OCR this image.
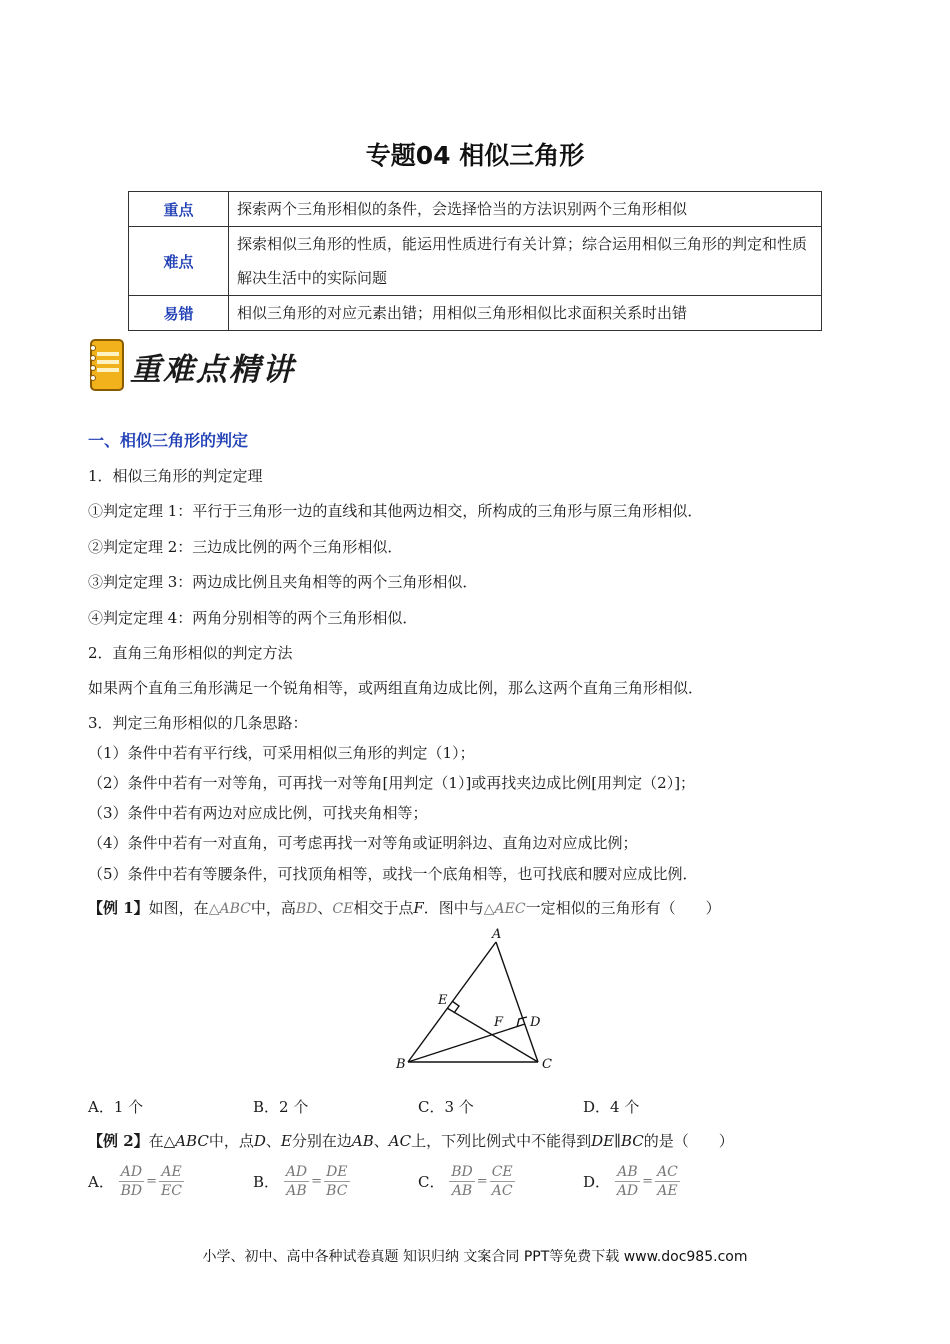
专题04 相似三角形
重点	探索两个三角形相似的条件，会选择恰当的方法识别两个三角形相似
难点	探索相似三角形的性质，能运用性质进行有关计算；综合运用相似三角形的判定和性质解决生活中的实际问题
易错	相似三角形的对应元素出错；用相似三角形相似比求面积关系时出错
重难点精讲
一、相似三角形的判定
1．相似三角形的判定定理
①判定定理 1：平行于三角形一边的直线和其他两边相交，所构成的三角形与原三角形相似．
②判定定理 2：三边成比例的两个三角形相似．
③判定定理 3：两边成比例且夹角相等的两个三角形相似．
④判定定理 4：两角分别相等的两个三角形相似．
2．直角三角形相似的判定方法
如果两个直角三角形满足一个锐角相等，或两组直角边成比例，那么这两个直角三角形相似．
3．判定三角形相似的几条思路：
（1）条件中若有平行线，可采用相似三角形的判定（1）；
（2）条件中若有一对等角，可再找一对等角[用判定（1）]或再找夹边成比例[用判定（2）]；
（3）条件中若有两边对应成比例，可找夹角相等；
（4）条件中若有一对直角，可考虑再找一对等角或证明斜边、直角边对应成比例；
（5）条件中若有等腰条件，可找顶角相等，或找一个底角相等，也可找底和腰对应成比例．
【例 1】如图，在△ABC中，高BD、CE相交于点F．图中与△AEC一定相似的三角形有（　　）
A
B	C
D
E
F
A．1 个	B．2 个	C．3 个	D．4 个
【例 2】在△ABC中，点D、E分别在边AB、AC上，下列比例式中不能得到DE∥BC的是（　　）
A． $\frac{AD}{BD} = \frac{AE}{EC}$	B． $\frac{AD}{AB} = \frac{DE}{BC}$	C． $\frac{BD}{AB} = \frac{CE}{AC}$	D． $\frac{AB}{AD} = \frac{AC}{AE}$
小学、初中、高中各种试卷真题 知识归纳 文案合同 PPT等免费下载 www.doc985.com
